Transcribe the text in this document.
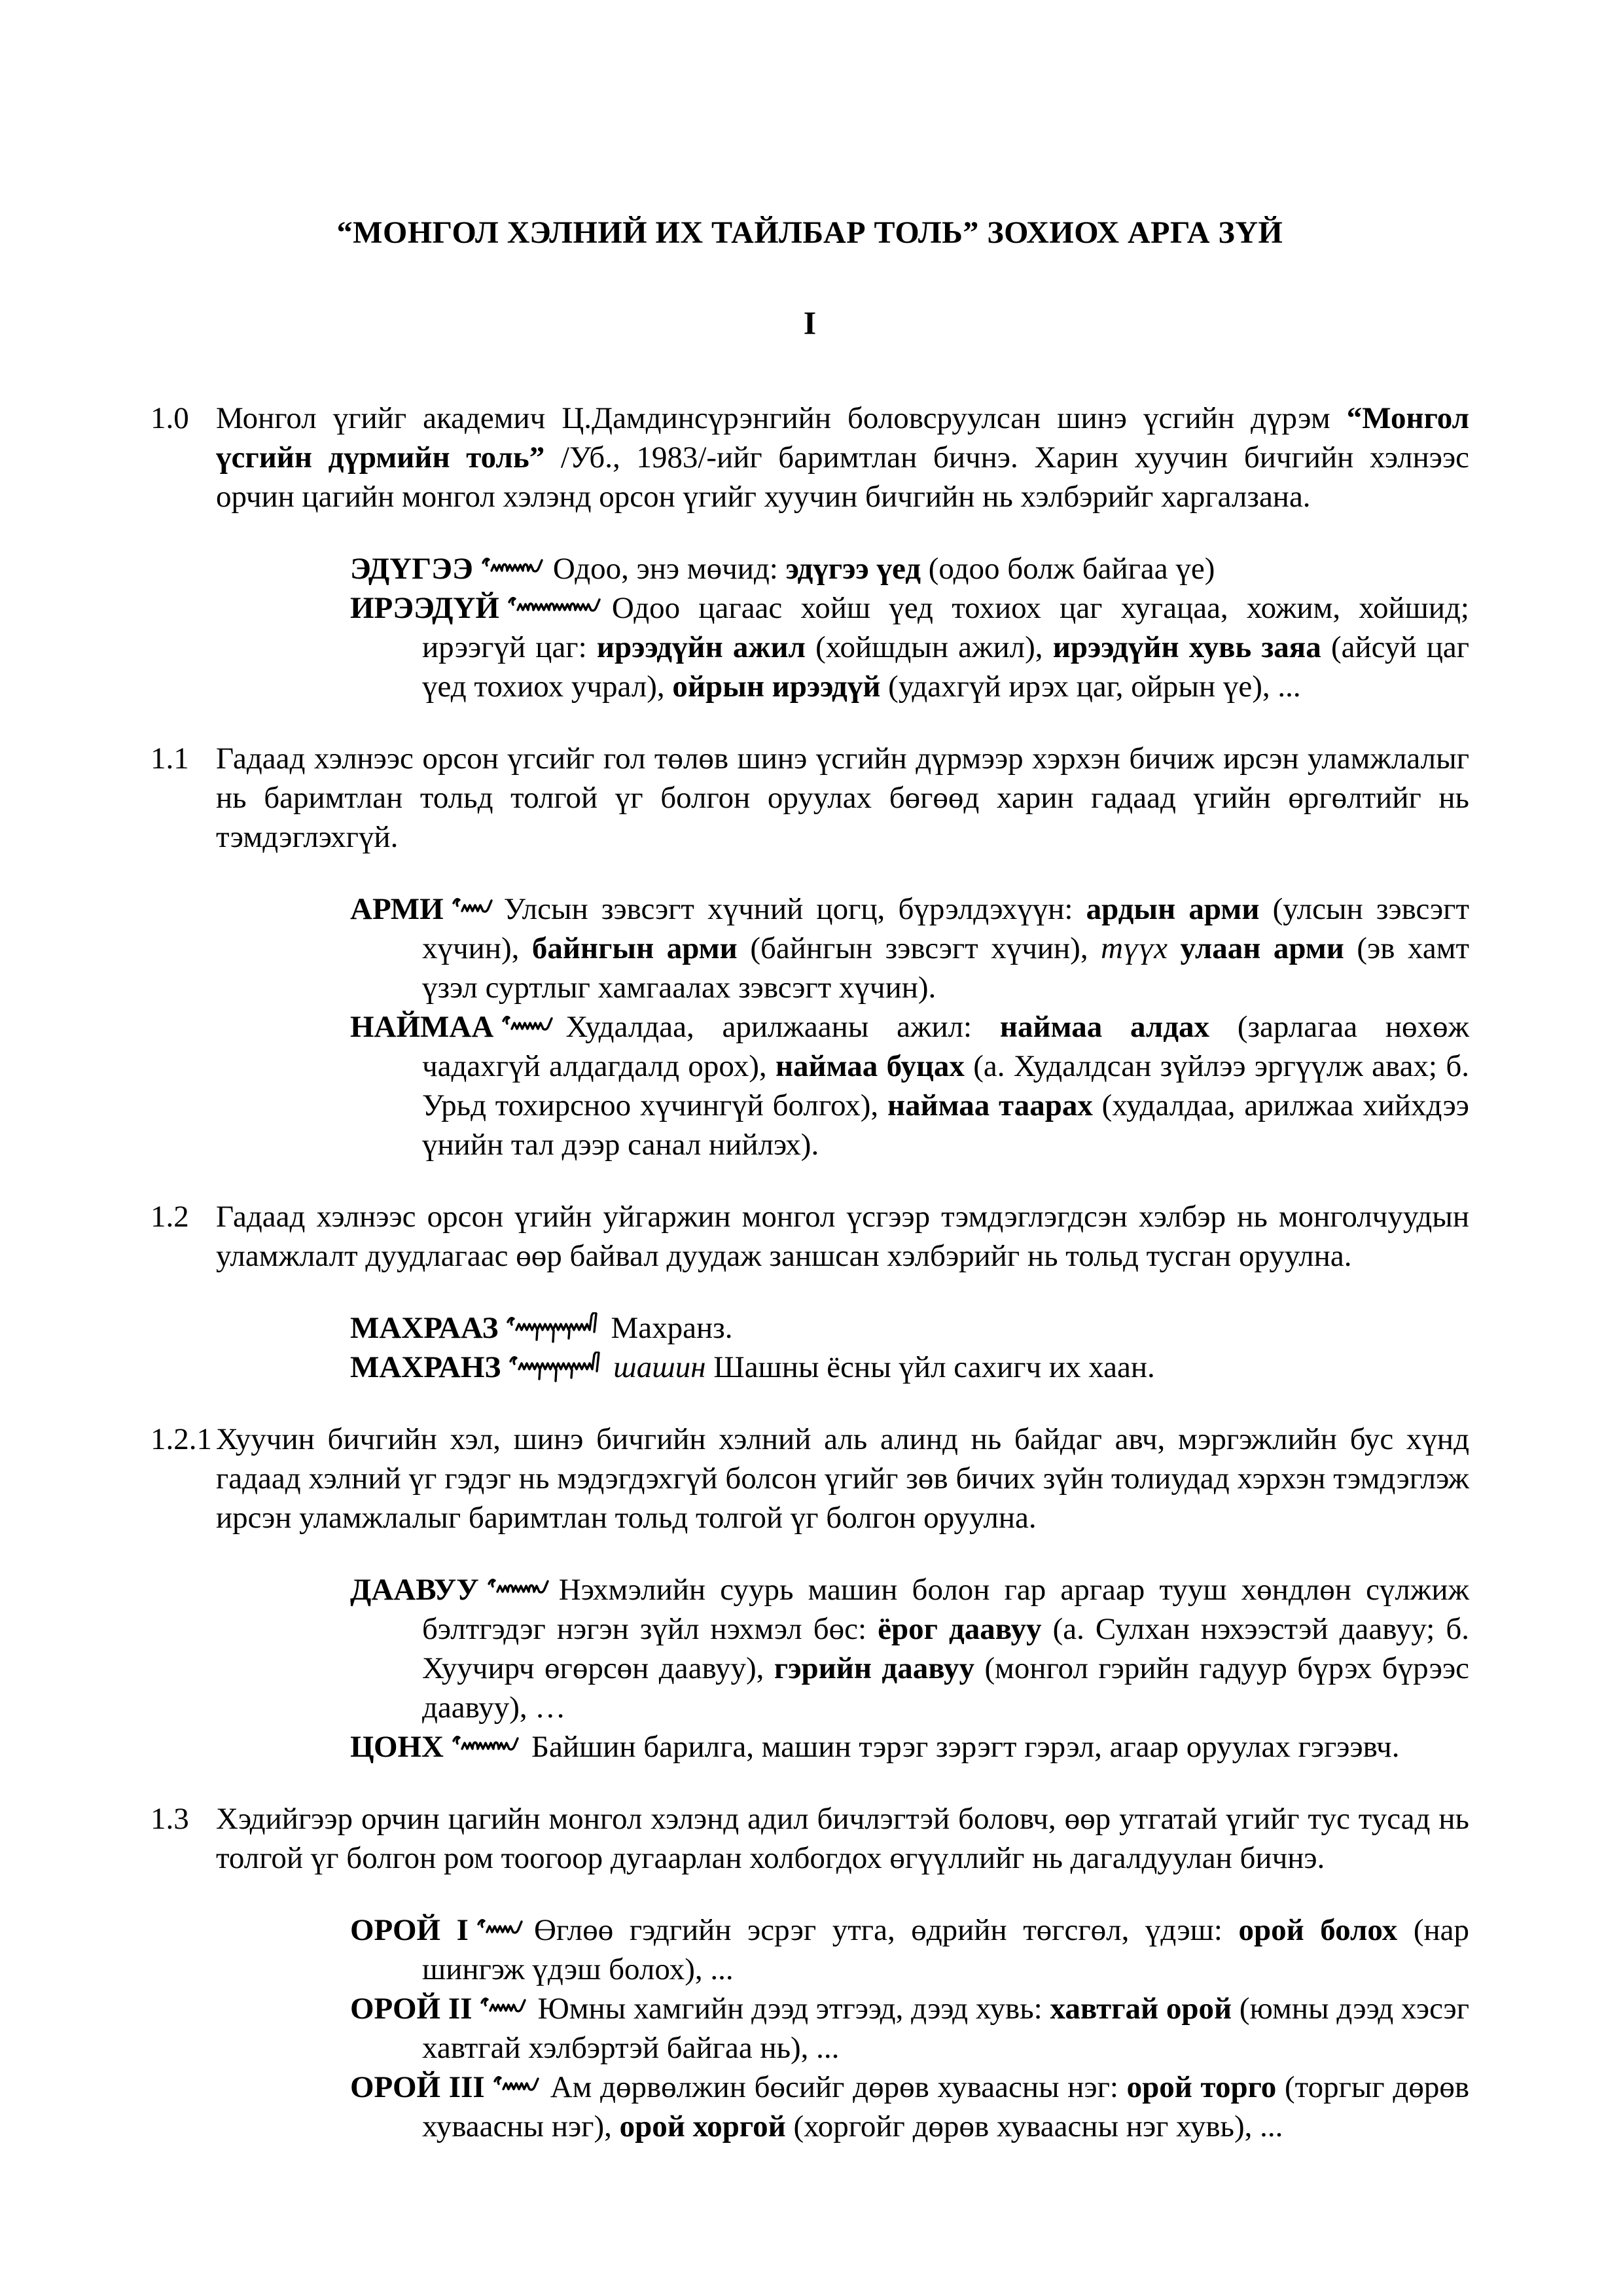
“МОНГОЛ ХЭЛНИЙ ИХ ТАЙЛБАР ТОЛЬ” ЗОХИОХ АРГА ЗҮЙ
I
1.0 Монгол үгийг академич Ц.Дамдинсүрэнгийн боловсруулсан шинэ үсгийн дүрэм “Монгол үсгийн дүрмийн толь” /Уб., 1983/-ийг баримтлан бичнэ. Харин хуучин бичгийн хэлнээс орчин цагийн монгол хэлэнд орсон үгийг хуучин бичгийн нь хэлбэрийг харгалзана.
ЭДҮГЭЭ	Одоо, энэ мөчид: эдүгээ үед (одоо болж байгаа үе)
ИРЭЭДҮЙ	Одоо цагаас хойш үед тохиох цаг хугацаа, хожим, хойшид; ирээгүй цаг: ирээдүйн ажил (хойшдын ажил), ирээдүйн хувь заяа (айсуй цаг үед тохиох учрал), ойрын ирээдүй (удахгүй ирэх цаг, ойрын үе), ...
1.1 Гадаад хэлнээс орсон үгсийг гол төлөв шинэ үсгийн дүрмээр хэрхэн бичиж ирсэн уламжлалыг нь баримтлан тольд толгой үг болгон оруулах бөгөөд харин гадаад үгийн өргөлтийг нь тэмдэглэхгүй.
АРМИ Улсын зэвсэгт хүчний цогц, бүрэлдэхүүн: ардын арми (улсын зэвсэгт хүчин), байнгын арми (байнгын зэвсэгт хүчин), түүх улаан арми (эв хамт үзэл суртлыг хамгаалах зэвсэгт хүчин).
НАЙМАА Худалдаа, арилжааны ажил: наймаа алдах (зарлагаа нөхөж чадахгүй алдагдалд орох), наймаа буцах (а. Худалдсан зүйлээ эргүүлж авах; б. Урьд тохирсноо хүчингүй болгох), наймаа таарах (худалдаа, арилжаа хийхдээ үнийн тал дээр санал нийлэх).
1.2 Гадаад хэлнээс орсон үгийн уйгаржин монгол үсгээр тэмдэглэгдсэн хэлбэр нь монголчуудын уламжлалт дуудлагаас өөр байвал дуудаж заншсан хэлбэрийг нь тольд тусган оруулна.
МАХРААЗ	Махранз.
МАХРАНЗ	шашин Шашны ёсны үйл сахигч их хаан.
1.2.1 Хуучин бичгийн хэл, шинэ бичгийн хэлний аль алинд нь байдаг авч, мэргэжлийн бус хүнд гадаад хэлний үг гэдэг нь мэдэгдэхгүй болсон үгийг зөв бичих зүйн толиудад хэрхэн тэмдэглэж ирсэн уламжлалыг баримтлан тольд толгой үг болгон оруулна.
ДААВУУ	Нэхмэлийн суурь машин болон гар аргаар тууш хөндлөн сүлжиж бэлтгэдэг нэгэн зүйл нэхмэл бөс: ёрог даавуу (а. Сулхан нэхээстэй даавуу; б. Хуучирч өгөрсөн даавуу), гэрийн даавуу (монгол гэрийн гадуур бүрэх бүрээс даавуу), …
ЦОНХ	Байшин барилга, машин тэрэг зэрэгт гэрэл, агаар оруулах гэгээвч.
1.3 Хэдийгээр орчин цагийн монгол хэлэнд адил бичлэгтэй боловч, өөр утгатай үгийг тус тусад нь толгой үг болгон ром тоогоор дугаарлан холбогдох өгүүллийг нь дагалдуулан бичнэ.
ОРОЙ I Өглөө гэдгийн эсрэг утга, өдрийн төгсгөл, үдэш: орой болох (нар шингэж үдэш болох), ...
ОРОЙ II Юмны хамгийн дээд этгээд, дээд хувь: хавтгай орой (юмны дээд хэсэг хавтгай хэлбэртэй байгаа нь), ...
ОРОЙ III Ам дөрвөлжин бөсийг дөрөв хуваасны нэг: орой торго (торгыг дөрөв хуваасны нэг), орой хоргой (хоргойг дөрөв хуваасны нэг хувь), ...
